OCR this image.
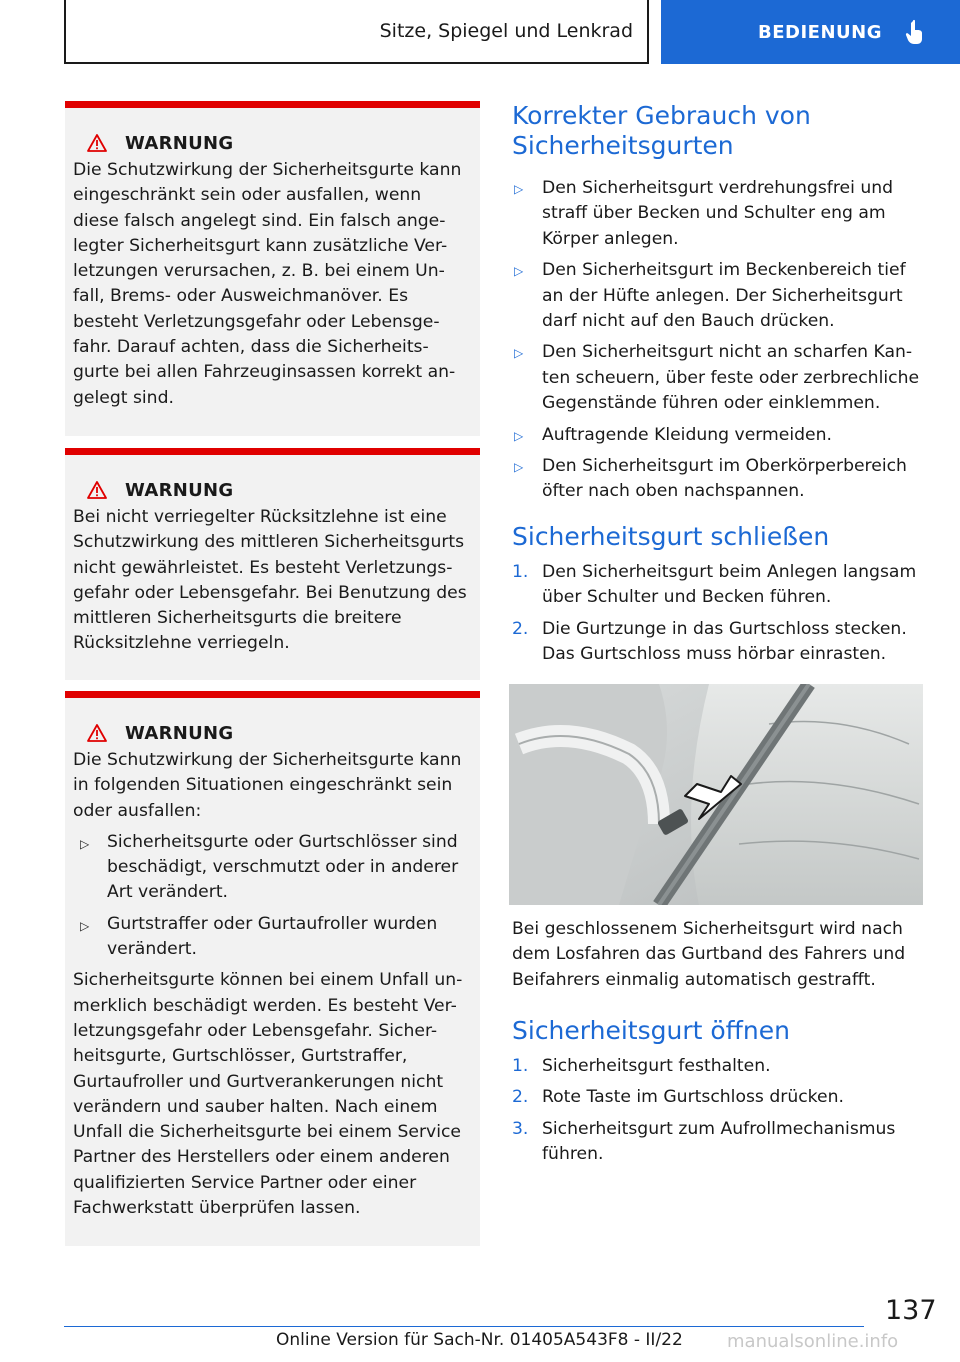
Sitze, Spiegel und Lenkrad	BEDIENUNG
WARNUNG

Die Schutzwirkung der Sicherheitsgurte kann eingeschränkt sein oder ausfallen, wenn diese falsch angelegt sind. Ein falsch ange-legter Sicherheitsgurt kann zusätzliche Ver-letzungen verursachen, z. B. bei einem Un-fall, Brems- oder Ausweichmanöver. Es besteht Verletzungsgefahr oder Lebensge-fahr. Darauf achten, dass die Sicherheits-gurte bei allen Fahrzeuginsassen korrekt an-gelegt sind.

WARNUNG

Bei nicht verriegelter Rücksitzlehne ist eine Schutzwirkung des mittleren Sicherheitsgurts nicht gewährleistet. Es besteht Verletzungs-gefahr oder Lebensgefahr. Bei Benutzung des mittleren Sicherheitsgurts die breitere Rücksitzlehne verriegeln.

WARNUNG

Die Schutzwirkung der Sicherheitsgurte kann in folgenden Situationen eingeschränkt sein oder ausfallen:

▷ Sicherheitsgurte oder Gurtschlösser sind beschädigt, verschmutzt oder in anderer Art verändert.
▷ Gurtstraffer oder Gurtaufroller wurden verändert.

Sicherheitsgurte können bei einem Unfall un-merklich beschädigt werden. Es besteht Ver-letzungsgefahr oder Lebensgefahr. Sicher-heitsgurte, Gurtschlösser, Gurtstraffer, Gurtaufroller und Gurtverankerungen nicht verändern und sauber halten. Nach einem Unfall die Sicherheitsgurte bei einem Service Partner des Herstellers oder einem anderen qualifizierten Service Partner oder einer Fachwerkstatt überprüfen lassen.

Korrekter Gebrauch von Sicherheitsgurten
▷ Den Sicherheitsgurt verdrehungsfrei und straff über Becken und Schulter eng am Körper anlegen.
▷ Den Sicherheitsgurt im Beckenbereich tief an der Hüfte anlegen. Der Sicherheitsgurt darf nicht auf den Bauch drücken.
▷ Den Sicherheitsgurt nicht an scharfen Kan-ten scheuern, über feste oder zerbrechliche Gegenstände führen oder einklemmen.
▷ Auftragende Kleidung vermeiden.
▷ Den Sicherheitsgurt im Oberkörperbereich öfter nach oben nachspannen.
Sicherheitsgurt schließen
1. Den Sicherheitsgurt beim Anlegen langsam über Schulter und Becken führen.
2. Die Gurtzunge in das Gurtschloss stecken. Das Gurtschloss muss hörbar einrasten.

Bei geschlossenem Sicherheitsgurt wird nach dem Losfahren das Gurtband des Fahrers und Beifahrers einmalig automatisch gestrafft.

Sicherheitsgurt öffnen
1. Sicherheitsgurt festhalten.
2. Rote Taste im Gurtschloss drücken.
3. Sicherheitsgurt zum Aufrollmechanismus führen.
137
Online Version für Sach-Nr. 01405A543F8 - II/22 manualsonline.info
